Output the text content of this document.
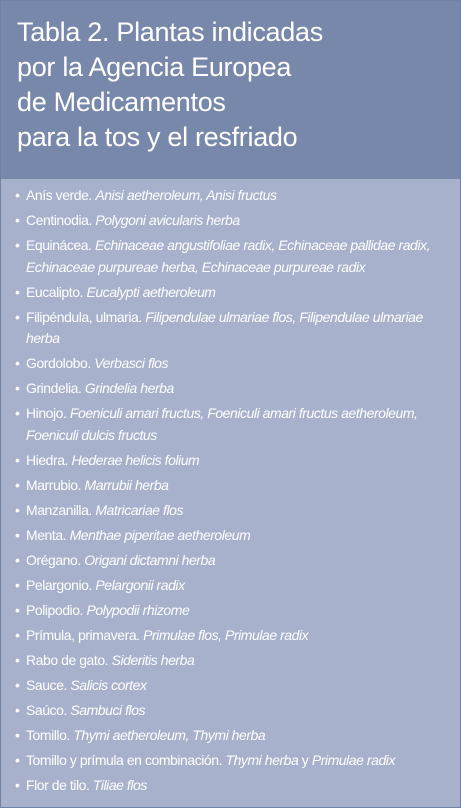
Tabla 2. Plantas indicadas
por la Agencia Europea
de Medicamentos
para la tos y el resfriado
• Anís verde. Anisi aetheroleum, Anisi fructus
• Centinodia. Polygoni avicularis herba
• Equinácea. Echinaceae angustifoliae radix, Echinaceae pallidae radix, Echinaceae purpureae herba, Echinaceae purpureae radix
• Eucalipto. Eucalypti aetheroleum
• Filipéndula, ulmaria. Filipendulae ulmariae flos, Filipendulae ulmariae herba
• Gordolobo. Verbasci flos
• Grindelia. Grindelia herba
• Hinojo. Foeniculi amari fructus, Foeniculi amari fructus aetheroleum, Foeniculi dulcis fructus
• Hiedra. Hederae helicis folium
• Marrubio. Marrubii herba
• Manzanilla. Matricariae flos
• Menta. Menthae piperitae aetheroleum
• Orégano. Origani dictamni herba
• Pelargonio. Pelargonii radix
• Polipodio. Polypodii rhizome
• Prímula, primavera. Primulae flos, Primulae radix
• Rabo de gato. Sideritis herba
• Sauce. Salicis cortex
• Saúco. Sambuci flos
• Tomillo. Thymi aetheroleum, Thymi herba
• Tomillo y prímula en combinación. Thymi herba y Primulae radix
• Flor de tilo. Tiliae flos
